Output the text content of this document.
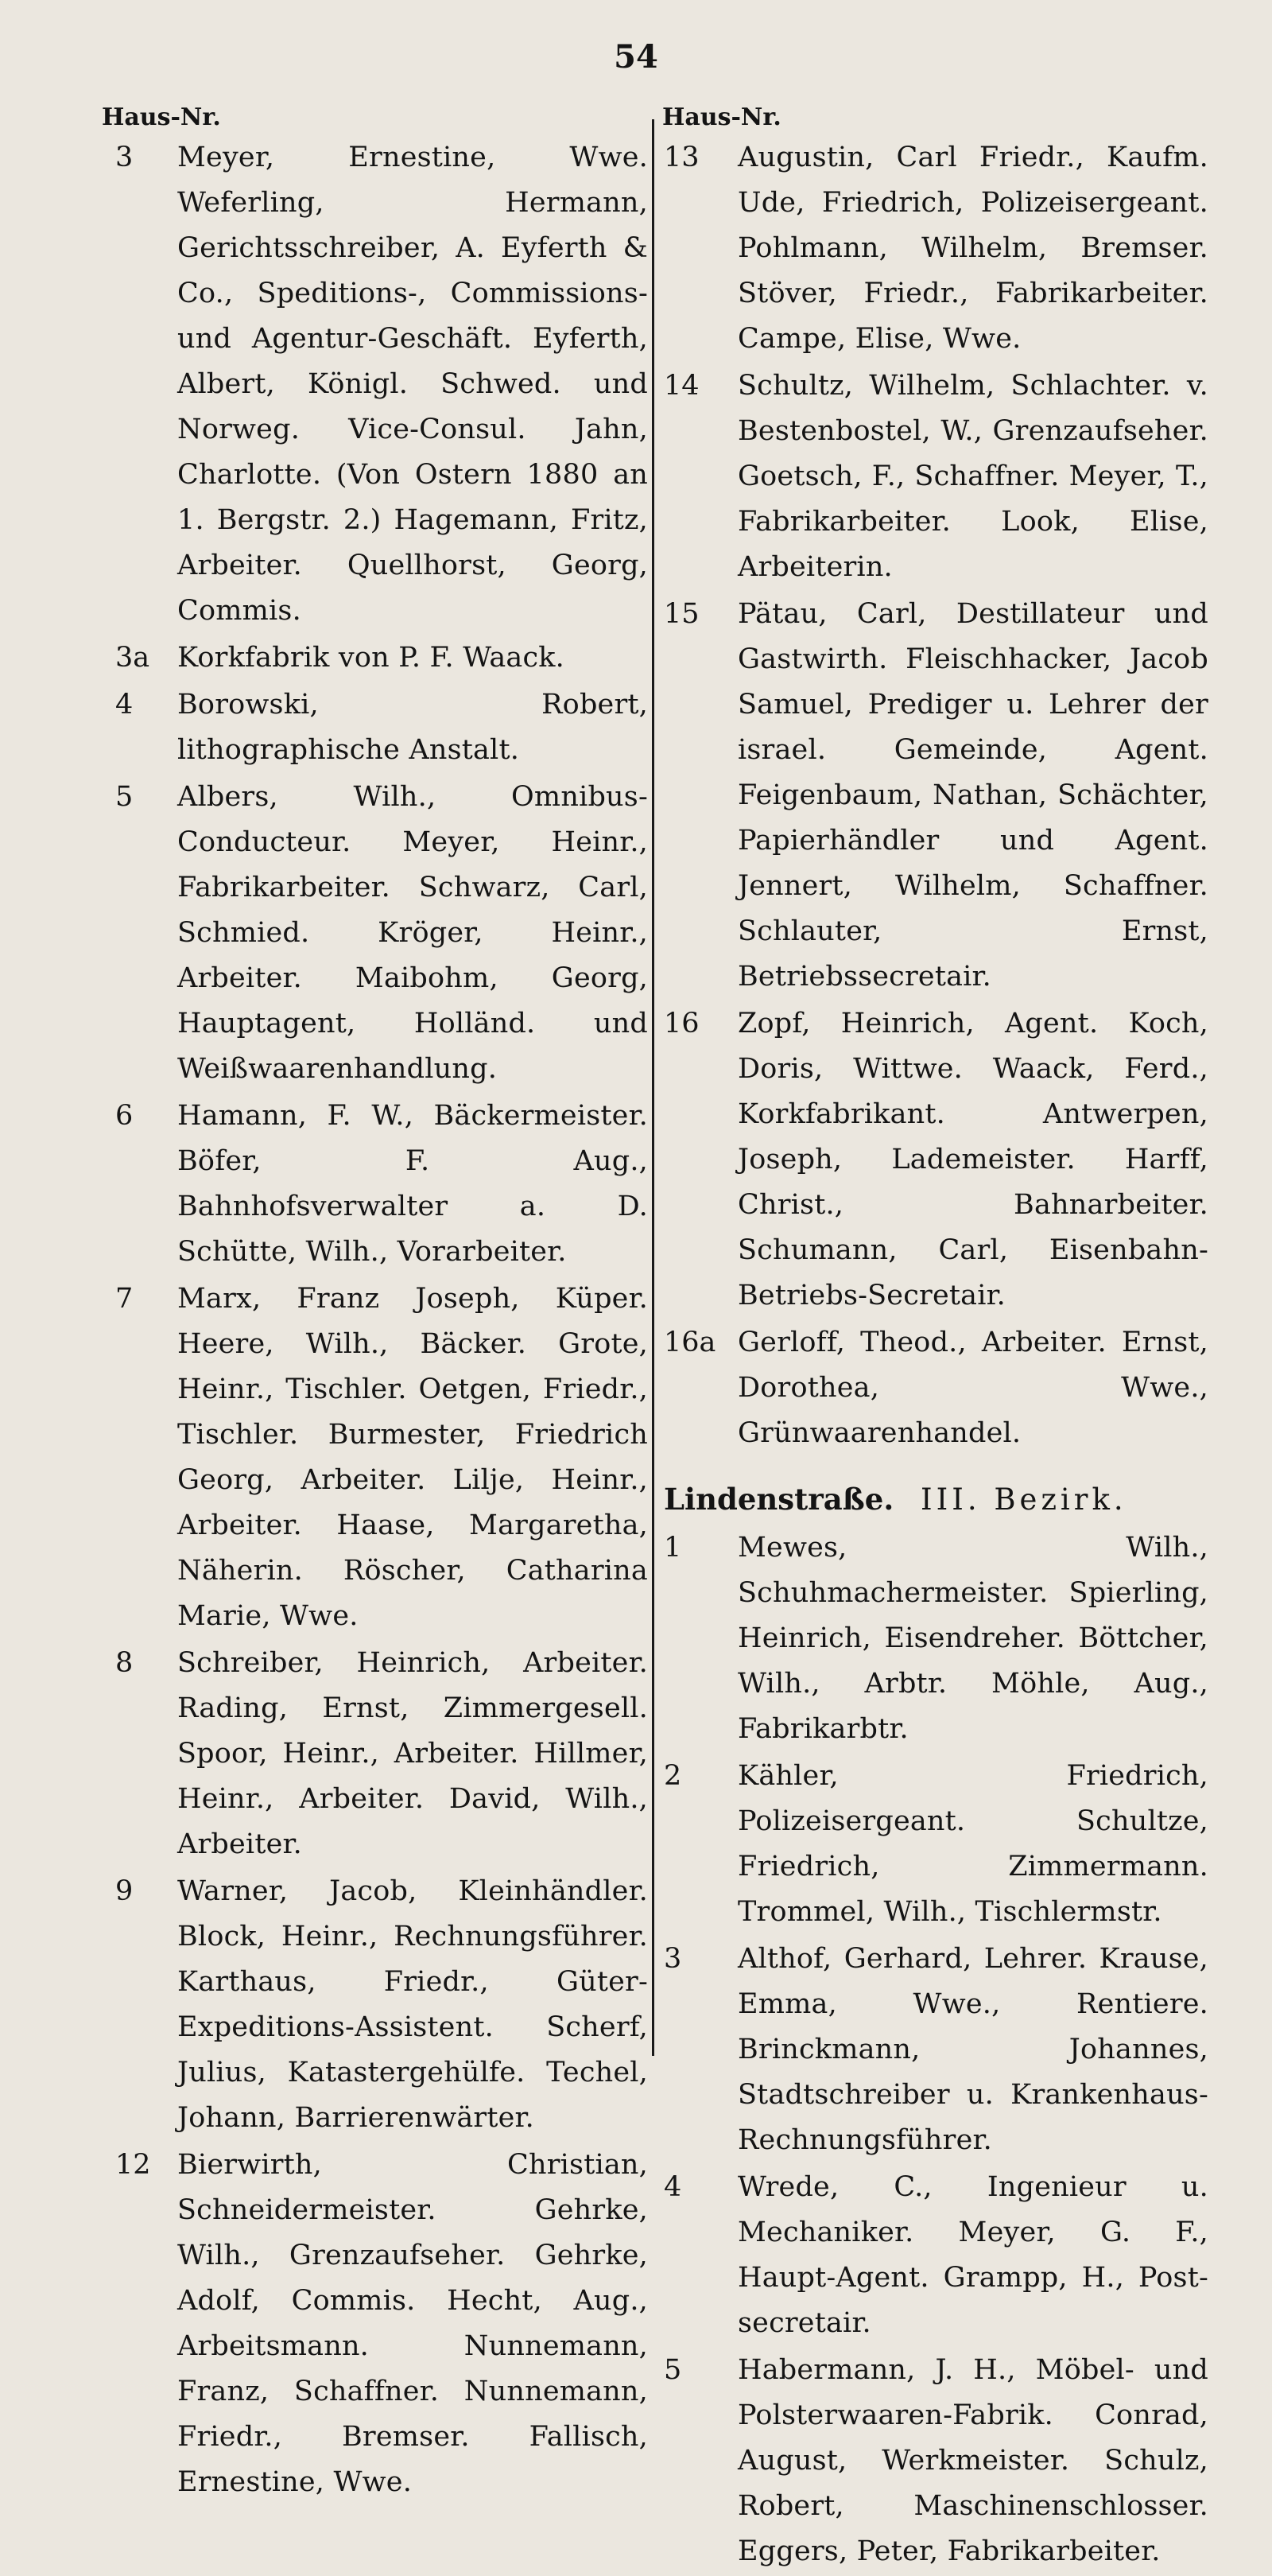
54
Haus-Nr.
3	Meyer, Ernestine, Wwe. Weferling, Hermann, Gerichtsschreiber, A. Eyferth & Co., Speditions-, Commissions- und Agentur-Geschäft. Eyferth, Albert, Königl. Schwed. und Norweg. Vice-Consul. Jahn, Charlotte. (Von Ostern 1880 an 1. Bergstr. 2.) Hagemann, Fritz, Arbeiter. Quellhorst, Georg, Commis.

3a Korkfabrik von P. F. Waack.

4	Borowski, Robert, lithographische Anstalt.

5	Albers, Wilh., Omnibus-Conducteur. Meyer, Heinr., Fabrikarbeiter. Schwarz, Carl, Schmied. Kröger, Heinr., Arbeiter. Maibohm, Georg, Hauptagent, Holländ. und Weißwaarenhandlung.

6	Hamann, F. W., Bäckermeister. Böfer, F. Aug., Bahnhofsverwalter a. D. Schütte, Wilh., Vorarbeiter.

7	Marx, Franz Joseph, Küper. Heere, Wilh., Bäcker. Grote, Heinr., Tischler. Oetgen, Friedr., Tischler. Burmester, Friedrich Georg, Arbeiter. Lilje, Heinr., Arbeiter. Haase, Margaretha, Näherin. Röscher, Catharina Marie, Wwe.

8	Schreiber, Heinrich, Arbeiter. Rading, Ernst, Zimmergesell. Spoor, Heinr., Arbeiter. Hillmer, Heinr., Arbeiter. David, Wilh., Arbeiter.

9	Warner, Jacob, Kleinhändler. Block, Heinr., Rechnungsführer. Karthaus, Friedr., Güter-Expeditions-Assistent. Scherf, Julius, Katastergehülfe. Techel, Johann, Barrierenwärter.

12 Bierwirth, Christian, Schneidermeister. Gehrke, Wilh., Grenzaufseher. Gehrke, Adolf, Commis. Hecht, Aug., Arbeitsmann. Nunnemann, Franz, Schaffner. Nunnemann, Friedr., Bremser. Fallisch, Ernestine, Wwe.

Haus-Nr.
13	Augustin, Carl Friedr., Kaufm. Ude, Friedrich, Polizeisergeant. Pohlmann, Wilhelm, Bremser. Stöver, Friedr., Fabrikarbeiter. Campe, Elise, Wwe.

14	Schultz, Wilhelm, Schlachter. v. Bestenbostel, W., Grenzaufseher. Goetsch, F., Schaffner. Meyer, T., Fabrikarbeiter. Look, Elise, Arbeiterin.

15	Pätau, Carl, Destillateur und Gastwirth. Fleischhacker, Jacob Samuel, Prediger u. Lehrer der israel. Gemeinde, Agent. Feigenbaum, Nathan, Schächter, Papierhändler und Agent. Jennert, Wilhelm, Schaffner. Schlauter, Ernst, Betriebssecretair.

16	Zopf, Heinrich, Agent. Koch, Doris, Wittwe. Waack, Ferd., Korkfabrikant. Antwerpen, Joseph, Lademeister. Harff, Christ., Bahnarbeiter. Schumann, Carl, Eisenbahn-Betriebs-Secretair.

16a Gerloff, Theod., Arbeiter. Ernst, Dorothea, Wwe., Grünwaarenhandel.

Lindenstraße. III. Bezirk.
1	Mewes, Wilh., Schuhmachermeister. Spierling, Heinrich, Eisendreher. Böttcher, Wilh., Arbtr. Möhle, Aug., Fabrikarbtr.

2	Kähler, Friedrich, Polizeisergeant. Schultze, Friedrich, Zimmermann. Trommel, Wilh., Tischlermstr.

3	Althof, Gerhard, Lehrer. Krause, Emma, Wwe., Rentiere. Brinckmann, Johannes, Stadtschreiber u. Krankenhaus-Rechnungsführer.

4	Wrede, C., Ingenieur u. Mechaniker. Meyer, G. F., Haupt-Agent. Grampp, H., Post-secretair.

5	Habermann, J. H., Möbel- und Polsterwaaren-Fabrik. Conrad, August, Werkmeister. Schulz, Robert, Maschinenschlosser. Eggers, Peter, Fabrikarbeiter.
